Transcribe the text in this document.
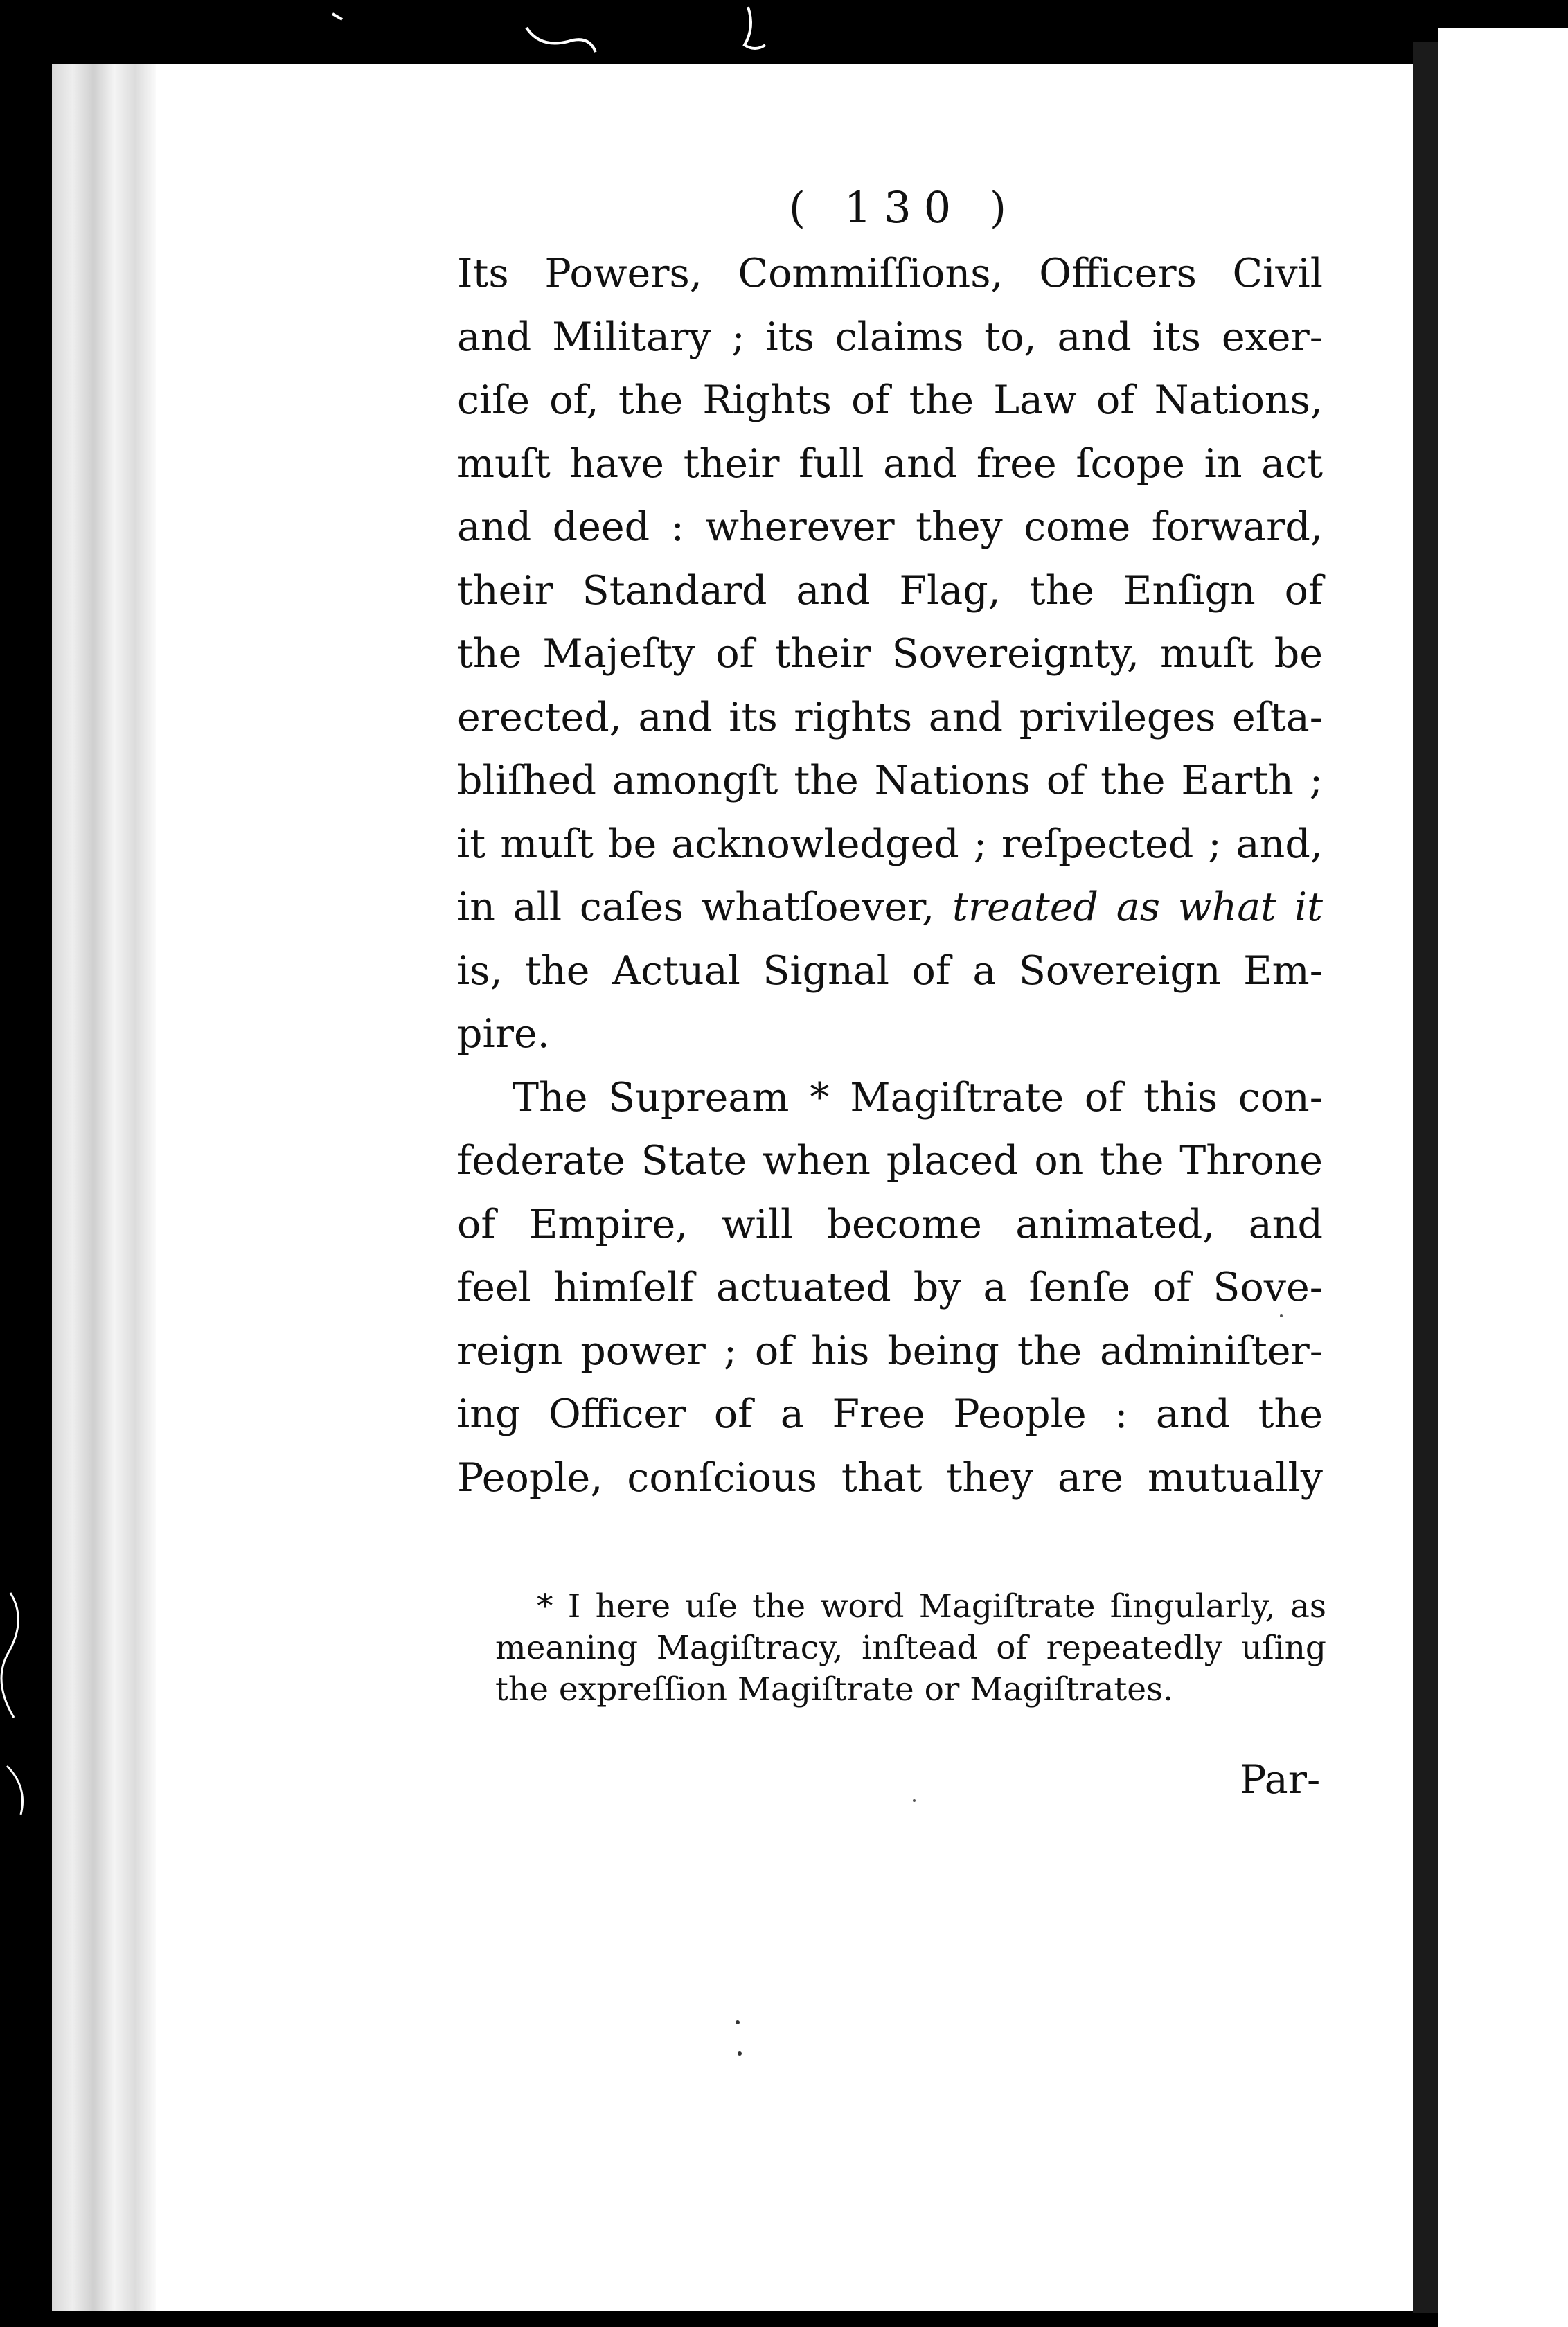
( 130 )
Its Powers, Commiſſions, Officers Civil
and Military ; its claims to, and its exer-
ciſe of, the Rights of the Law of Nations,
muſt have their full and free ſcope in act
and deed : wherever they come forward,
their Standard and Flag, the Enſign of
the Majeſty of their Sovereignty, muſt be
erected, and its rights and privileges eſta-
bliſhed amongſt the Nations of the Earth ;
it muſt be acknowledged ; reſpected ; and,
in all caſes whatſoever, treated as what it
is, the Actual Signal of a Sovereign Em-
pire.
The Supream * Magiſtrate of this con-
federate State when placed on the Throne
of Empire, will become animated, and
feel himſelf actuated by a ſenſe of Sove-
reign power ; of his being the adminiſter-
ing Officer of a Free People : and the
People, conſcious that they are mutually
* I here uſe the word Magiſtrate ſingularly, as
meaning Magiſtracy, inſtead of repeatedly uſing
the expreſſion Magiſtrate or Magiſtrates.
Par-
